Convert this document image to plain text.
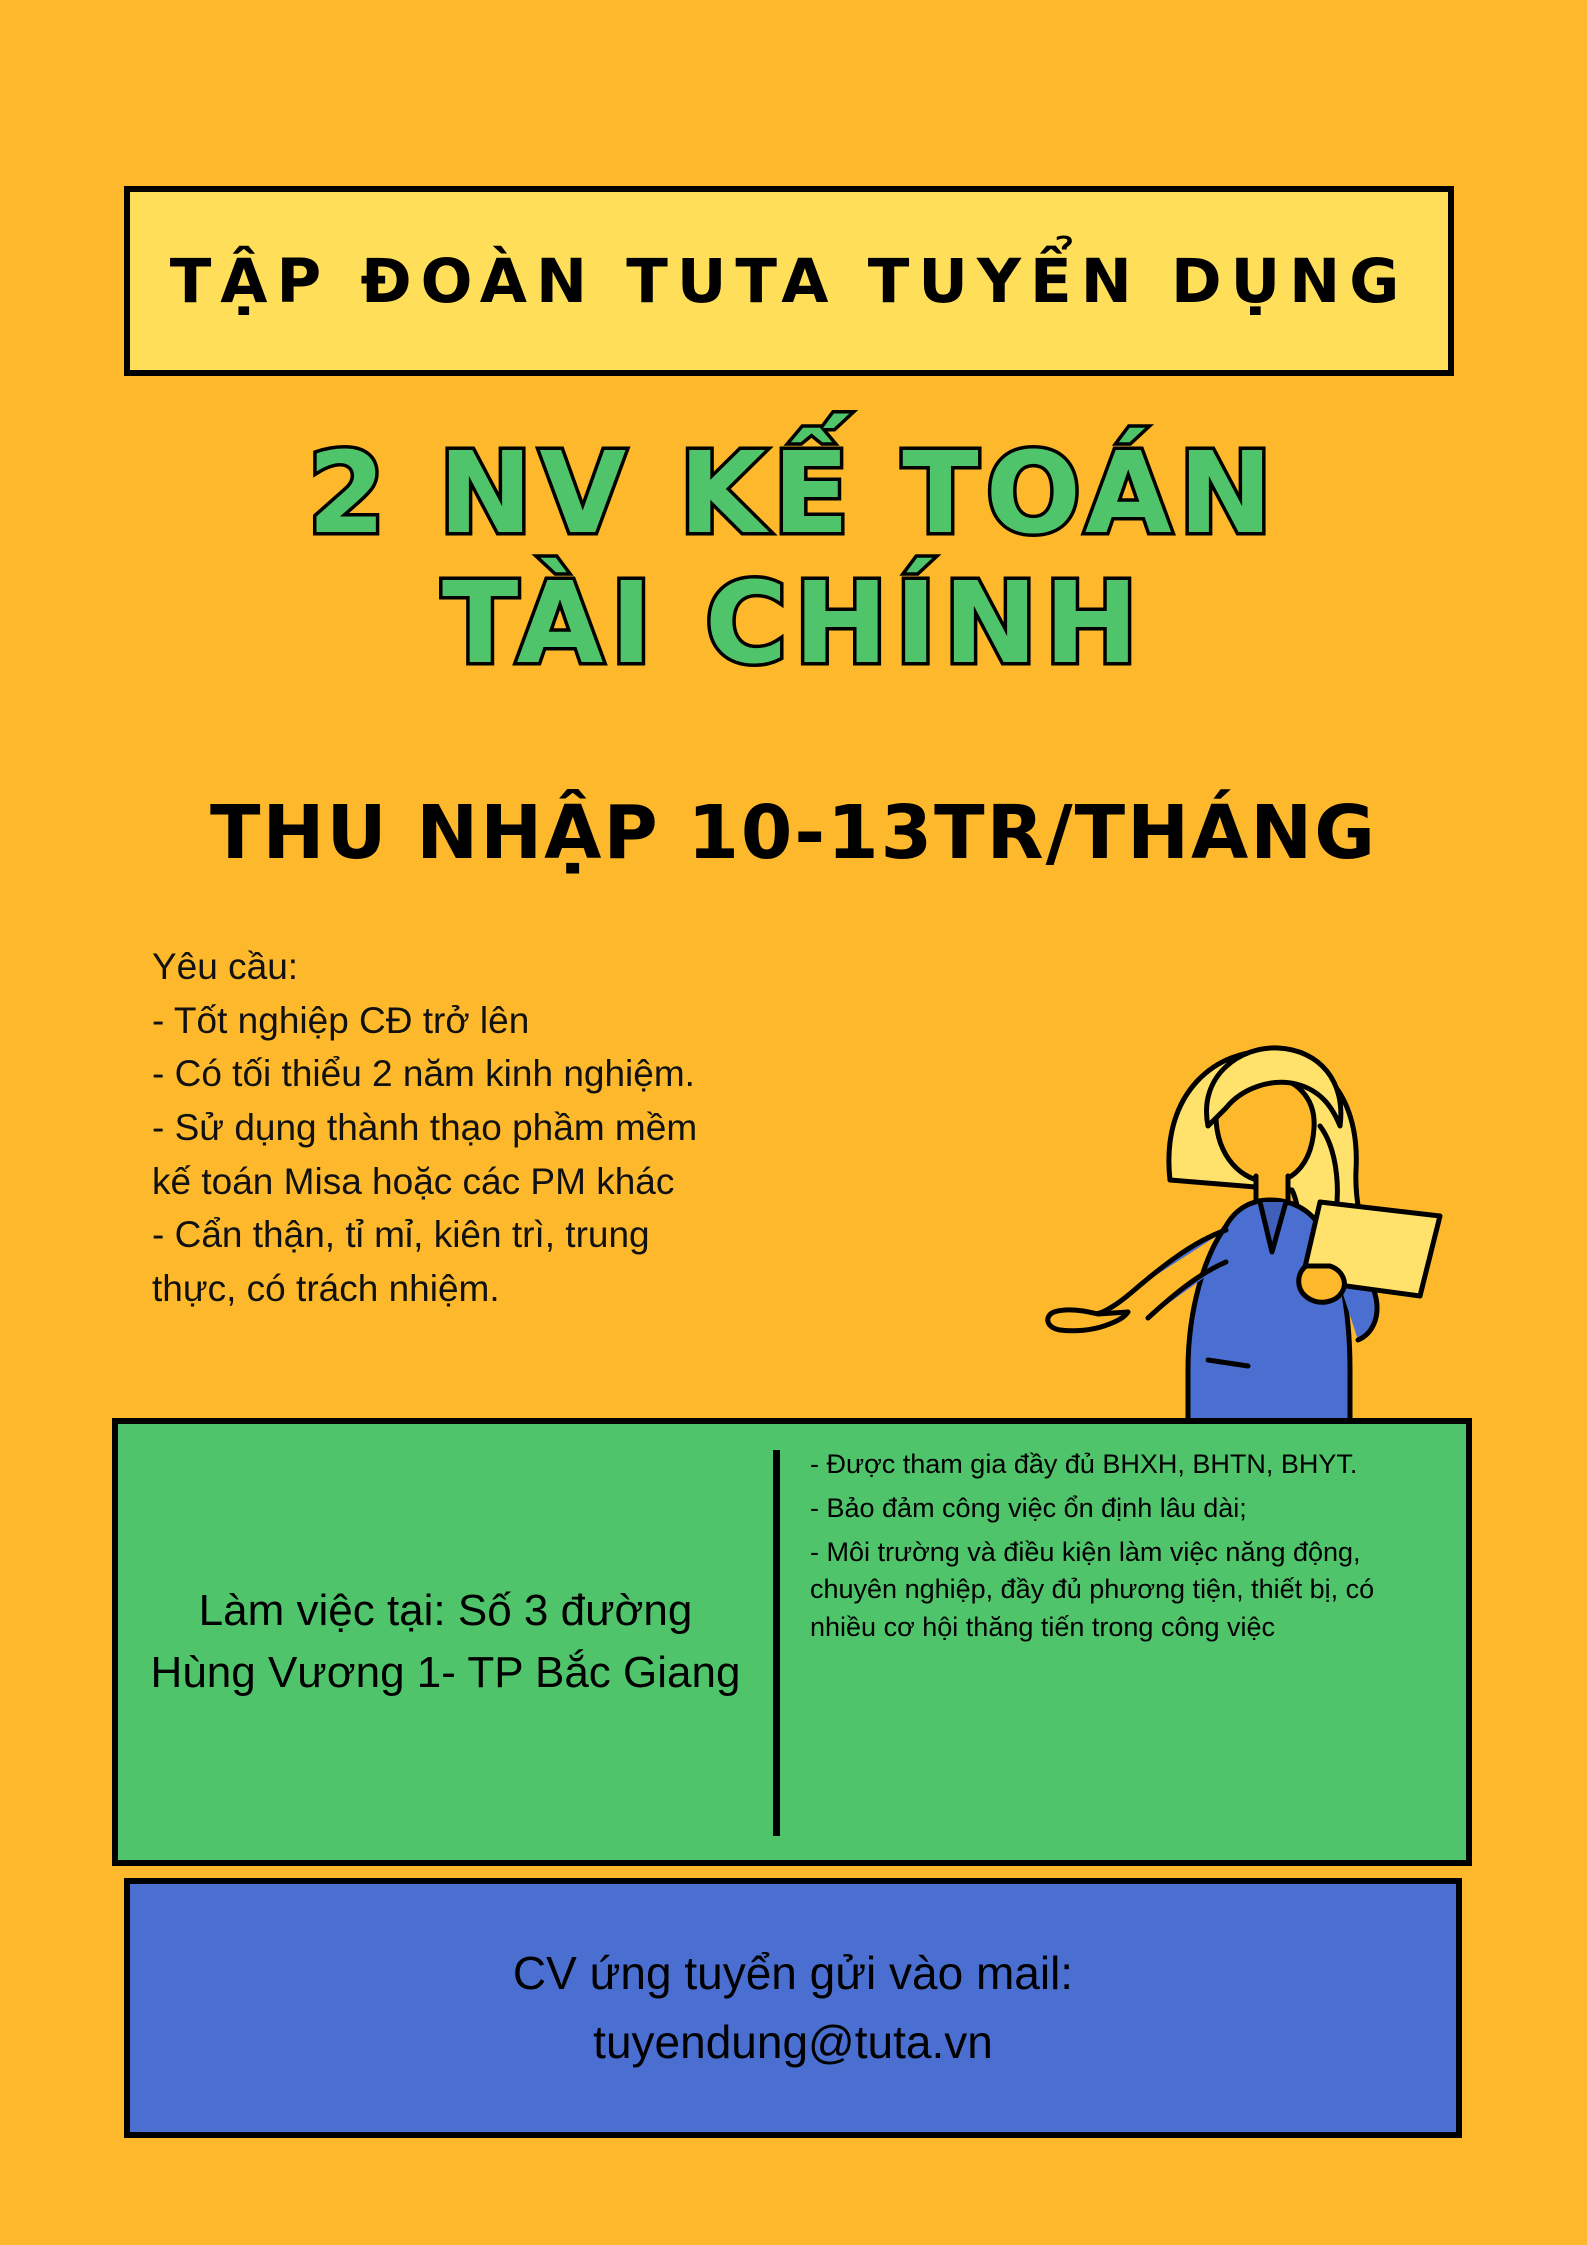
TẬP ĐOÀN TUTA TUYỂN DỤNG
2 NV KẾ TOÁN
TÀI CHÍNH
THU NHẬP 10-13TR/THÁNG

Yêu cầu:

- Tốt nghiệp CĐ trở lên

- Có tối thiểu 2 năm kinh nghiệm.

- Sử dụng thành thạo phầm mềm

kế toán Misa hoặc các PM khác

- Cẩn thận, tỉ mỉ, kiên trì, trung

thực, có trách nhiệm.

Làm việc tại: Số 3 đường Hùng Vương 1- TP Bắc Giang

- Được tham gia đầy đủ BHXH, BHTN, BHYT.

- Bảo đảm công việc ổn định lâu dài;

- Môi trường và điều kiện làm việc năng động, chuyên nghiệp, đầy đủ phương tiện, thiết bị, có nhiều cơ hội thăng tiến trong công việc

CV ứng tuyển gửi vào mail:
tuyendung@tuta.vn
